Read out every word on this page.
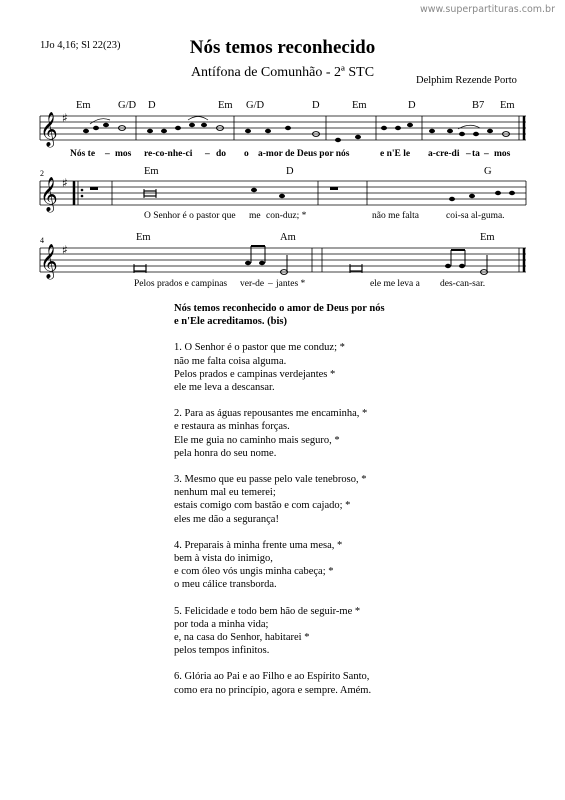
www.superpartituras.com.br
1Jo 4,16; Sl 22(23)	Nós temos reconhecido
Antífona de Comunhão - 2ª STC
Delphim Rezende Porto
𝄞 ♯
Em	G/D D	Em G/D	D	Em	D	B7 Em
Nós te – mos re-co-nhe-ci – do o a-mor de Deus por nós	e n'E le a-cre-di – ta – mos
2
𝄞 ♯
Em	D	G
O Senhor é o pastor que me con-duz; *	não me falta	coi-sa al-guma.
4
𝄞 ♯
Em	Am	Em
Pelos prados e campinas ver-de – jantes *	ele me leva a des-can-sar.
Nós temos reconhecido o amor de Deus por nós
e n'Ele acreditamos. (bis)
1. O Senhor é o pastor que me conduz; *
não me falta coisa alguma.
Pelos prados e campinas verdejantes *
ele me leva a descansar.
2. Para as águas repousantes me encaminha, *
e restaura as minhas forças.
Ele me guia no caminho mais seguro, *
pela honra do seu nome.
3. Mesmo que eu passe pelo vale tenebroso, *
nenhum mal eu temerei;
estais comigo com bastão e com cajado; *
eles me dão a segurança!
4. Preparais à minha frente uma mesa, *
bem à vista do inimigo,
e com óleo vós ungis minha cabeça; *
o meu cálice transborda.
5. Felicidade e todo bem hão de seguir-me *
por toda a minha vida;
e, na casa do Senhor, habitarei *
pelos tempos infinitos.
6. Glória ao Pai e ao Filho e ao Espírito Santo,
como era no princípio, agora e sempre. Amém.
